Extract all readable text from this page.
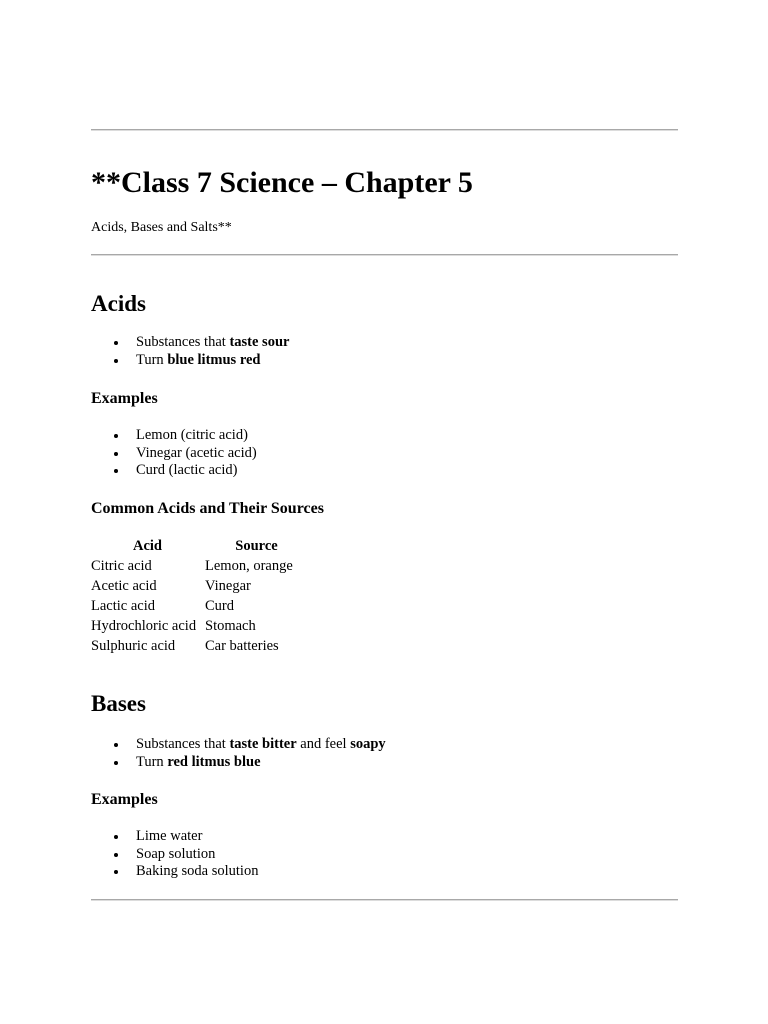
**Class 7 Science – Chapter 5

Acids, Bases and Salts**

Acids
Substances that taste sour
Turn blue litmus red
Examples
Lemon (citric acid)
Vinegar (acetic acid)
Curd (lactic acid)
Common Acids and Their Sources
Acid	Source
Citric acid	Lemon, orange
Acetic acid	Vinegar
Lactic acid	Curd
Hydrochloric acid	Stomach
Sulphuric acid	Car batteries
Bases
Substances that taste bitter and feel soapy
Turn red litmus blue
Examples
Lime water
Soap solution
Baking soda solution
